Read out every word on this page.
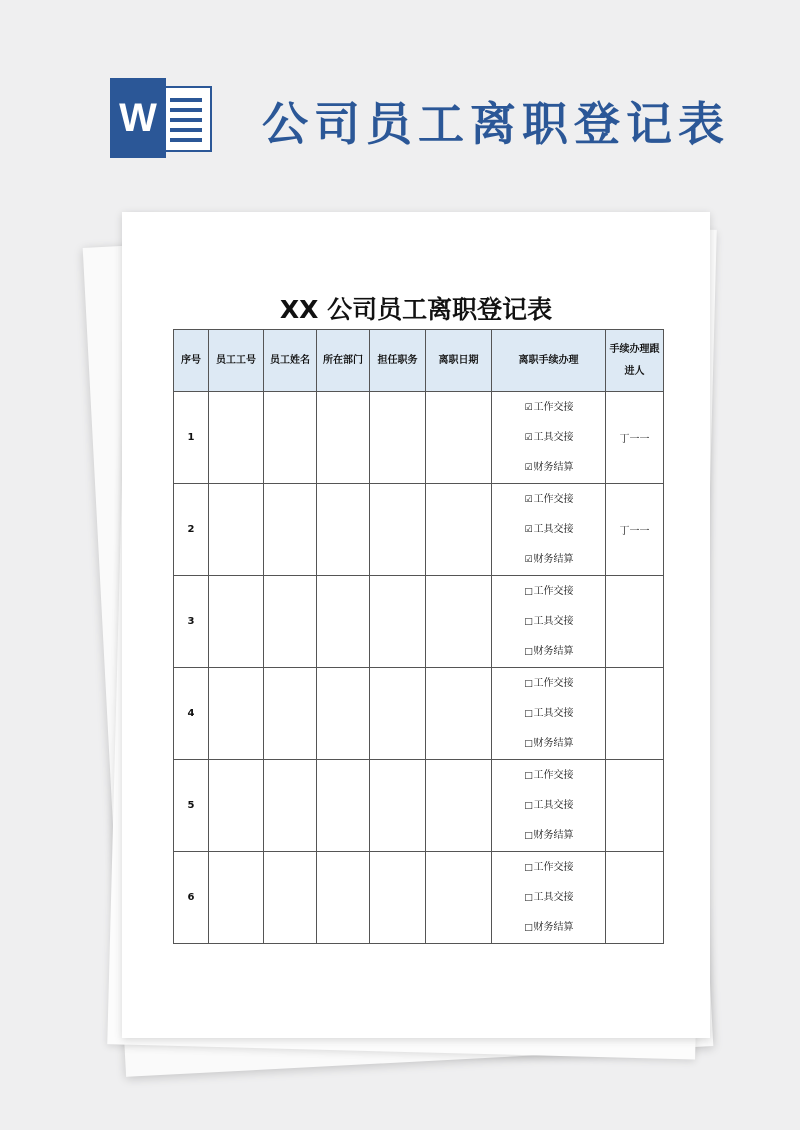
W 公司员工离职登记表
XX 公司员工离职登记表
序号	员工工号	员工姓名	所在部门	担任职务	离职日期	离职手续办理	手续办理跟进人
1						☑工作交接
☑工具交接
☑财务结算	丁一一
2						☑工作交接
☑工具交接
☑财务结算	丁一一
3						□工作交接
□工具交接
□财务结算	

4						□工作交接
□工具交接
□财务结算	

5						□工作交接
□工具交接
□财务结算	

6						□工作交接
□工具交接
□财务结算	
